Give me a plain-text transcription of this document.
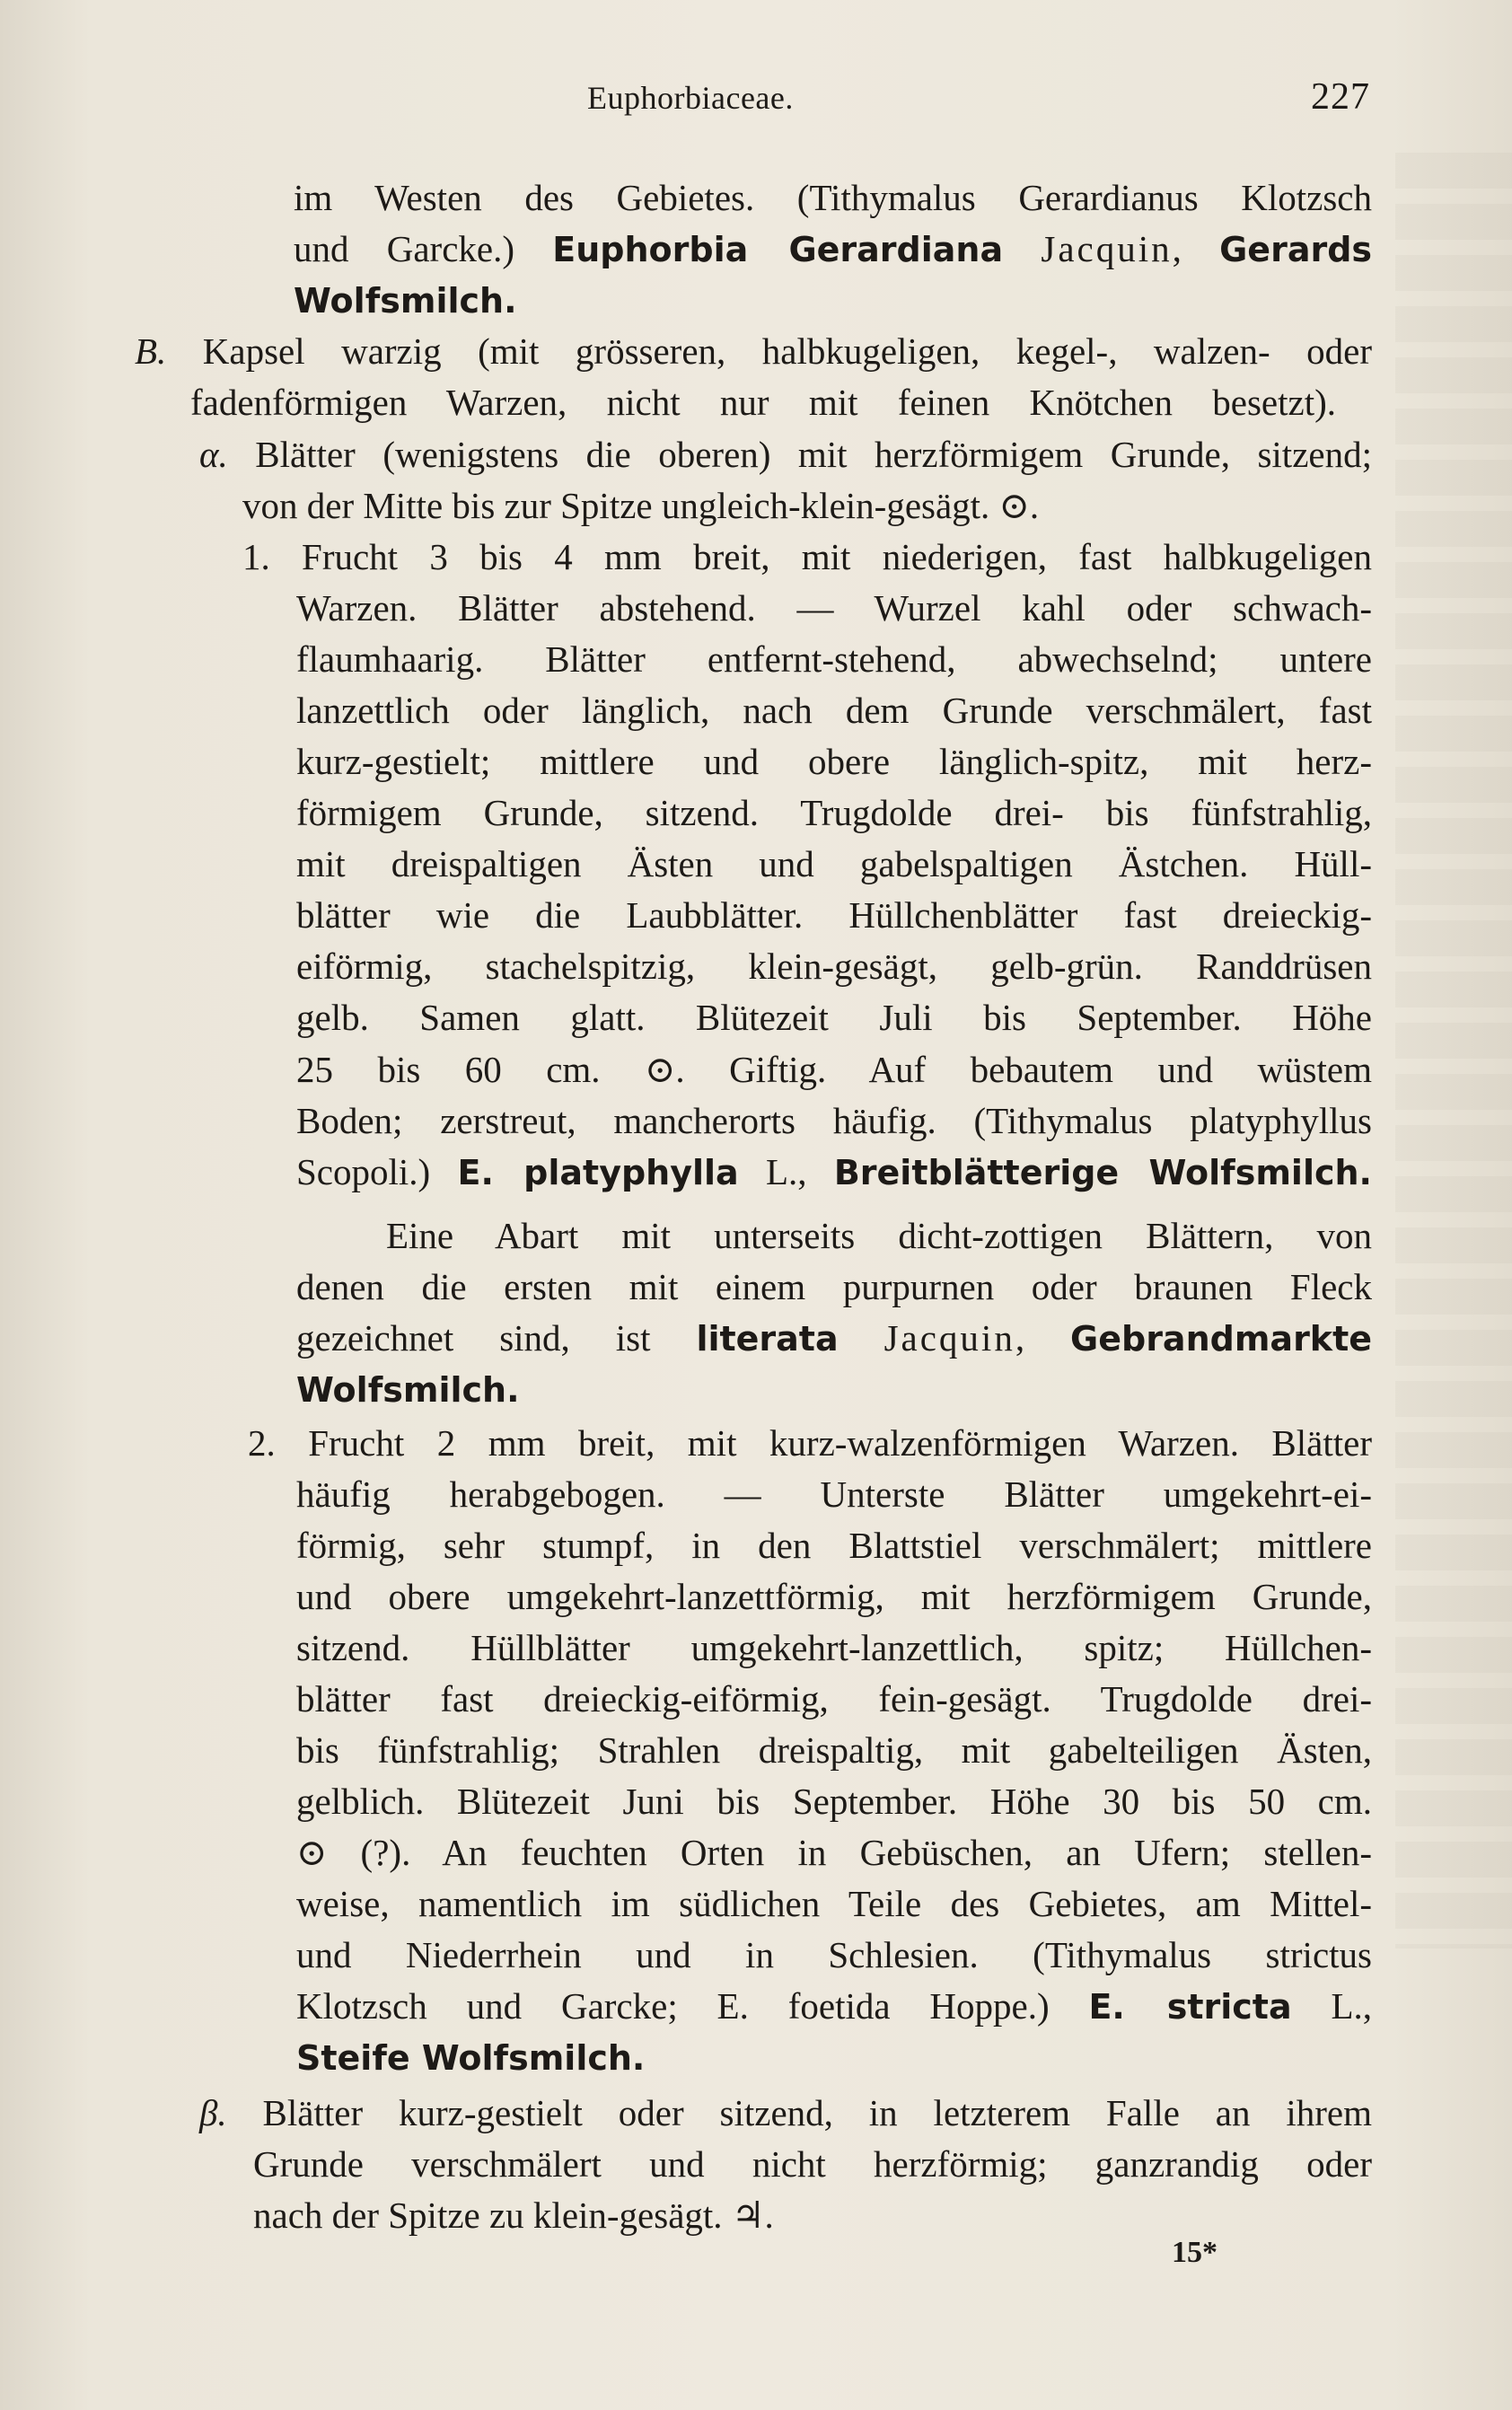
Euphorbiaceae.	227
im Westen des Gebietes. (Tithymalus Gerardianus Klotzsch
und Garcke.) Euphorbia Gerardiana Jacquin, Gerards
Wolfsmilch.
B. Kapsel warzig (mit grösseren, halbkugeligen, kegel-, walzen- oder
fadenförmigen Warzen, nicht nur mit feinen Knötchen besetzt).
α. Blätter (wenigstens die oberen) mit herzförmigem Grunde, sitzend;
von der Mitte bis zur Spitze ungleich-klein-gesägt. ⊙.
1. Frucht 3 bis 4 mm breit, mit niederigen, fast halbkugeligen
Warzen. Blätter abstehend. — Wurzel kahl oder schwach-
flaumhaarig. Blätter entfernt-stehend, abwechselnd; untere
lanzettlich oder länglich, nach dem Grunde verschmälert, fast
kurz-gestielt; mittlere und obere länglich-spitz, mit herz-
förmigem Grunde, sitzend. Trugdolde drei- bis fünfstrahlig,
mit dreispaltigen Ästen und gabelspaltigen Ästchen. Hüll-
blätter wie die Laubblätter. Hüllchenblätter fast dreieckig-
eiförmig, stachelspitzig, klein-gesägt, gelb-grün. Randdrüsen
gelb. Samen glatt. Blütezeit Juli bis September. Höhe
25 bis 60 cm. ⊙. Giftig. Auf bebautem und wüstem
Boden; zerstreut, mancherorts häufig. (Tithymalus platyphyllus
Scopoli.) E. platyphylla L., Breitblätterige Wolfsmilch.
Eine Abart mit unterseits dicht-zottigen Blättern, von
denen die ersten mit einem purpurnen oder braunen Fleck
gezeichnet sind, ist literata Jacquin, Gebrandmarkte
Wolfsmilch.
2. Frucht 2 mm breit, mit kurz-walzenförmigen Warzen. Blätter
häufig herabgebogen. — Unterste Blätter umgekehrt-ei-
förmig, sehr stumpf, in den Blattstiel verschmälert; mittlere
und obere umgekehrt-lanzettförmig, mit herzförmigem Grunde,
sitzend. Hüllblätter umgekehrt-lanzettlich, spitz; Hüllchen-
blätter fast dreieckig-eiförmig, fein-gesägt. Trugdolde drei-
bis fünfstrahlig; Strahlen dreispaltig, mit gabelteiligen Ästen,
gelblich. Blütezeit Juni bis September. Höhe 30 bis 50 cm.
⊙ (?). An feuchten Orten in Gebüschen, an Ufern; stellen-
weise, namentlich im südlichen Teile des Gebietes, am Mittel-
und Niederrhein und in Schlesien. (Tithymalus strictus
Klotzsch und Garcke; E. foetida Hoppe.) E. stricta L.,
Steife Wolfsmilch.
β. Blätter kurz-gestielt oder sitzend, in letzterem Falle an ihrem
Grunde verschmälert und nicht herzförmig; ganzrandig oder
nach der Spitze zu klein-gesägt. ♃.
15*
